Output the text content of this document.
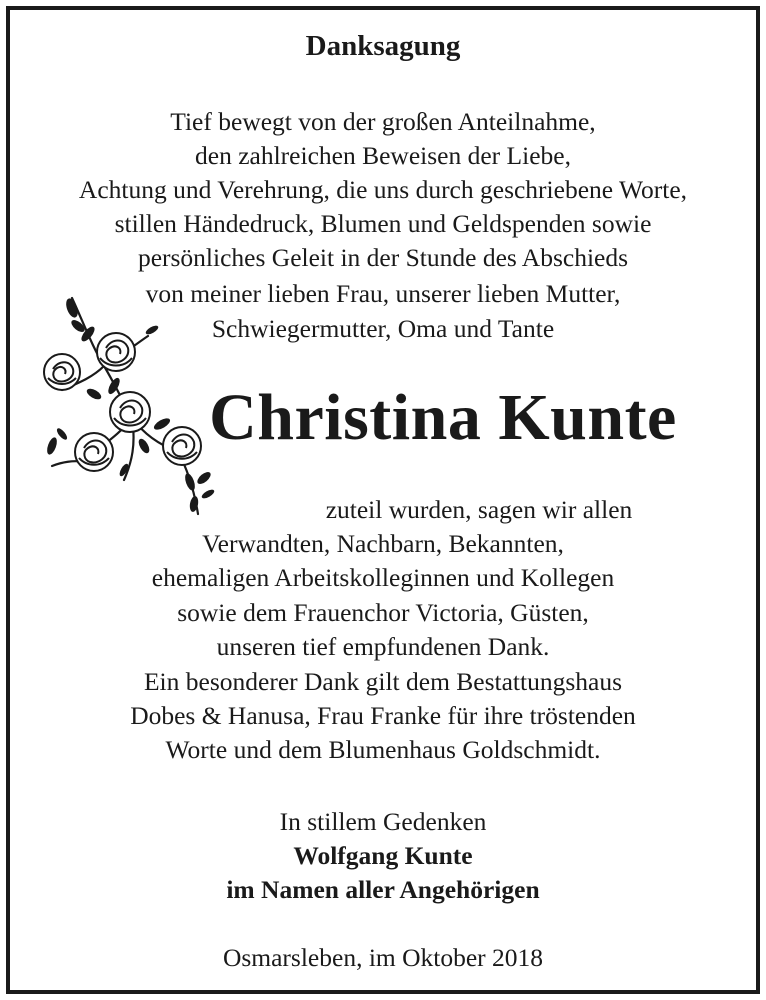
Danksagung
Tief bewegt von der großen Anteilnahme,
den zahlreichen Beweisen der Liebe,
Achtung und Verehrung, die uns durch geschriebene Worte,
stillen Händedruck, Blumen und Geldspenden sowie
persönliches Geleit in der Stunde des Abschieds
von meiner lieben Frau, unserer lieben Mutter,
Schwiegermutter, Oma und Tante
Christina Kunte
zuteil wurden, sagen wir allen
Verwandten, Nachbarn, Bekannten,
ehemaligen Arbeitskolleginnen und Kollegen
sowie dem Frauenchor Victoria, Güsten,
unseren tief empfundenen Dank.
Ein besonderer Dank gilt dem Bestattungshaus
Dobes & Hanusa, Frau Franke für ihre tröstenden
Worte und dem Blumenhaus Goldschmidt.
In stillem Gedenken
Wolfgang Kunte
im Namen aller Angehörigen
Osmarsleben, im Oktober 2018
